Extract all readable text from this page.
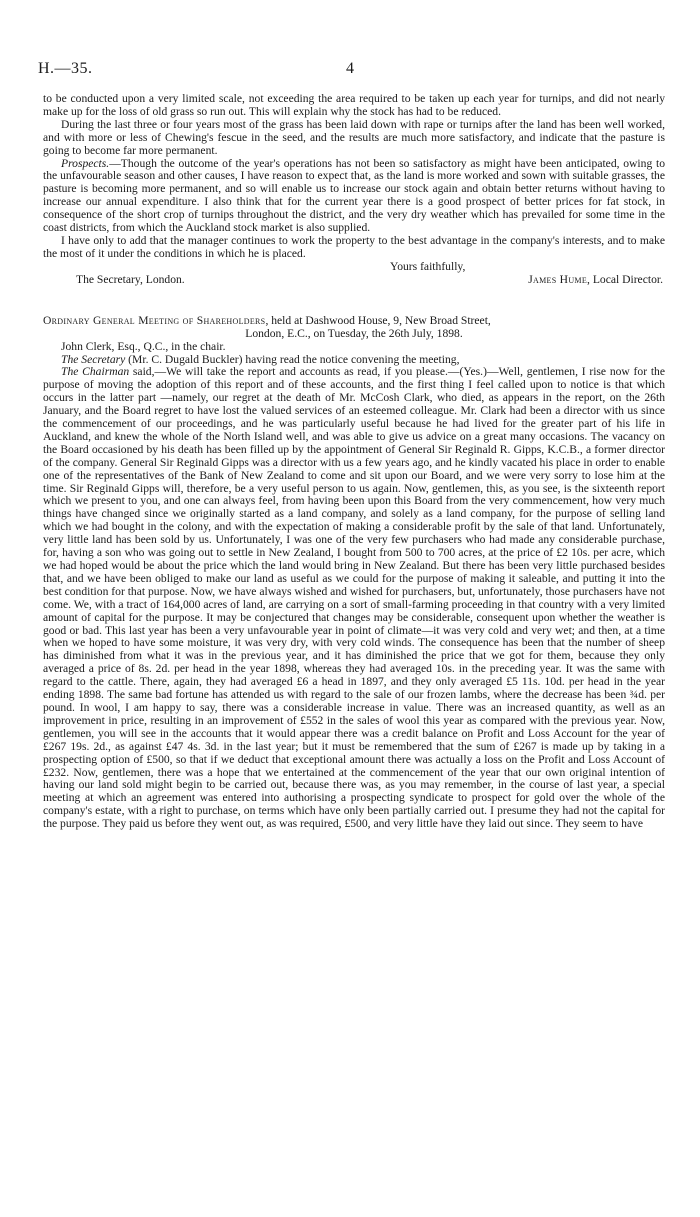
H.—35.	4

to be conducted upon a very limited scale, not exceeding the area required to be taken up each year for turnips, and did not nearly make up for the loss of old grass so run out. This will explain why the stock has had to be reduced.

During the last three or four years most of the grass has been laid down with rape or turnips after the land has been well worked, and with more or less of Chewing's fescue in the seed, and the results are much more satisfactory, and indicate that the pasture is going to become far more permanent.

Prospects.—Though the outcome of the year's operations has not been so satisfactory as might have been anticipated, owing to the unfavourable season and other causes, I have reason to expect that, as the land is more worked and sown with suitable grasses, the pasture is becoming more permanent, and so will enable us to increase our stock again and obtain better returns without having to increase our annual expenditure. I also think that for the current year there is a good prospect of better prices for fat stock, in consequence of the short crop of turnips throughout the district, and the very dry weather which has prevailed for some time in the coast districts, from which the Auckland stock market is also supplied.

I have only to add that the manager continues to work the property to the best advantage in the company's interests, and to make the most of it under the conditions in which he is placed.

Yours faithfully,
The Secretary, London.	James Hume, Local Director.

Ordinary General Meeting of Shareholders, held at Dashwood House, 9, New Broad Street,
London, E.C., on Tuesday, the 26th July, 1898.

John Clerk, Esq., Q.C., in the chair.

The Secretary (Mr. C. Dugald Buckler) having read the notice convening the meeting,

The Chairman said,—We will take the report and accounts as read, if you please.—(Yes.)—Well, gentlemen, I rise now for the purpose of moving the adoption of this report and of these accounts, and the first thing I feel called upon to notice is that which occurs in the latter part —namely, our regret at the death of Mr. McCosh Clark, who died, as appears in the report, on the 26th January, and the Board regret to have lost the valued services of an esteemed colleague. Mr. Clark had been a director with us since the commencement of our proceedings, and he was particularly useful because he had lived for the greater part of his life in Auckland, and knew the whole of the North Island well, and was able to give us advice on a great many occasions. The vacancy on the Board occasioned by his death has been filled up by the appointment of General Sir Reginald R. Gipps, K.C.B., a former director of the company. General Sir Reginald Gipps was a director with us a few years ago, and he kindly vacated his place in order to enable one of the representatives of the Bank of New Zealand to come and sit upon our Board, and we were very sorry to lose him at the time. Sir Reginald Gipps will, therefore, be a very useful person to us again. Now, gentlemen, this, as you see, is the sixteenth report which we present to you, and one can always feel, from having been upon this Board from the very commencement, how very much things have changed since we originally started as a land company, and solely as a land company, for the purpose of selling land which we had bought in the colony, and with the expectation of making a considerable profit by the sale of that land. Unfortunately, very little land has been sold by us. Unfortunately, I was one of the very few purchasers who had made any considerable purchase, for, having a son who was going out to settle in New Zealand, I bought from 500 to 700 acres, at the price of £2 10s. per acre, which we had hoped would be about the price which the land would bring in New Zealand. But there has been very little purchased besides that, and we have been obliged to make our land as useful as we could for the purpose of making it saleable, and putting it into the best condition for that purpose. Now, we have always wished and wished for purchasers, but, unfortunately, those purchasers have not come. We, with a tract of 164,000 acres of land, are carrying on a sort of small-farming proceeding in that country with a very limited amount of capital for the purpose. It may be conjectured that changes may be considerable, consequent upon whether the weather is good or bad. This last year has been a very unfavourable year in point of climate—it was very cold and very wet; and then, at a time when we hoped to have some moisture, it was very dry, with very cold winds. The consequence has been that the number of sheep has diminished from what it was in the previous year, and it has diminished the price that we got for them, because they only averaged a price of 8s. 2d. per head in the year 1898, whereas they had averaged 10s. in the preceding year. It was the same with regard to the cattle. There, again, they had averaged £6 a head in 1897, and they only averaged £5 11s. 10d. per head in the year ending 1898. The same bad fortune has attended us with regard to the sale of our frozen lambs, where the decrease has been ¾d. per pound. In wool, I am happy to say, there was a considerable increase in value. There was an increased quantity, as well as an improvement in price, resulting in an improvement of £552 in the sales of wool this year as compared with the previous year. Now, gentlemen, you will see in the accounts that it would appear there was a credit balance on Profit and Loss Account for the year of £267 19s. 2d., as against £47 4s. 3d. in the last year; but it must be remembered that the sum of £267 is made up by taking in a prospecting option of £500, so that if we deduct that exceptional amount there was actually a loss on the Profit and Loss Account of £232. Now, gentlemen, there was a hope that we entertained at the commencement of the year that our own original intention of having our land sold might begin to be carried out, because there was, as you may remember, in the course of last year, a special meeting at which an agreement was entered into authorising a prospecting syndicate to prospect for gold over the whole of the company's estate, with a right to purchase, on terms which have only been partially carried out. I presume they had not the capital for the purpose. They paid us before they went out, as was required, £500, and very little have they laid out since. They seem to have
